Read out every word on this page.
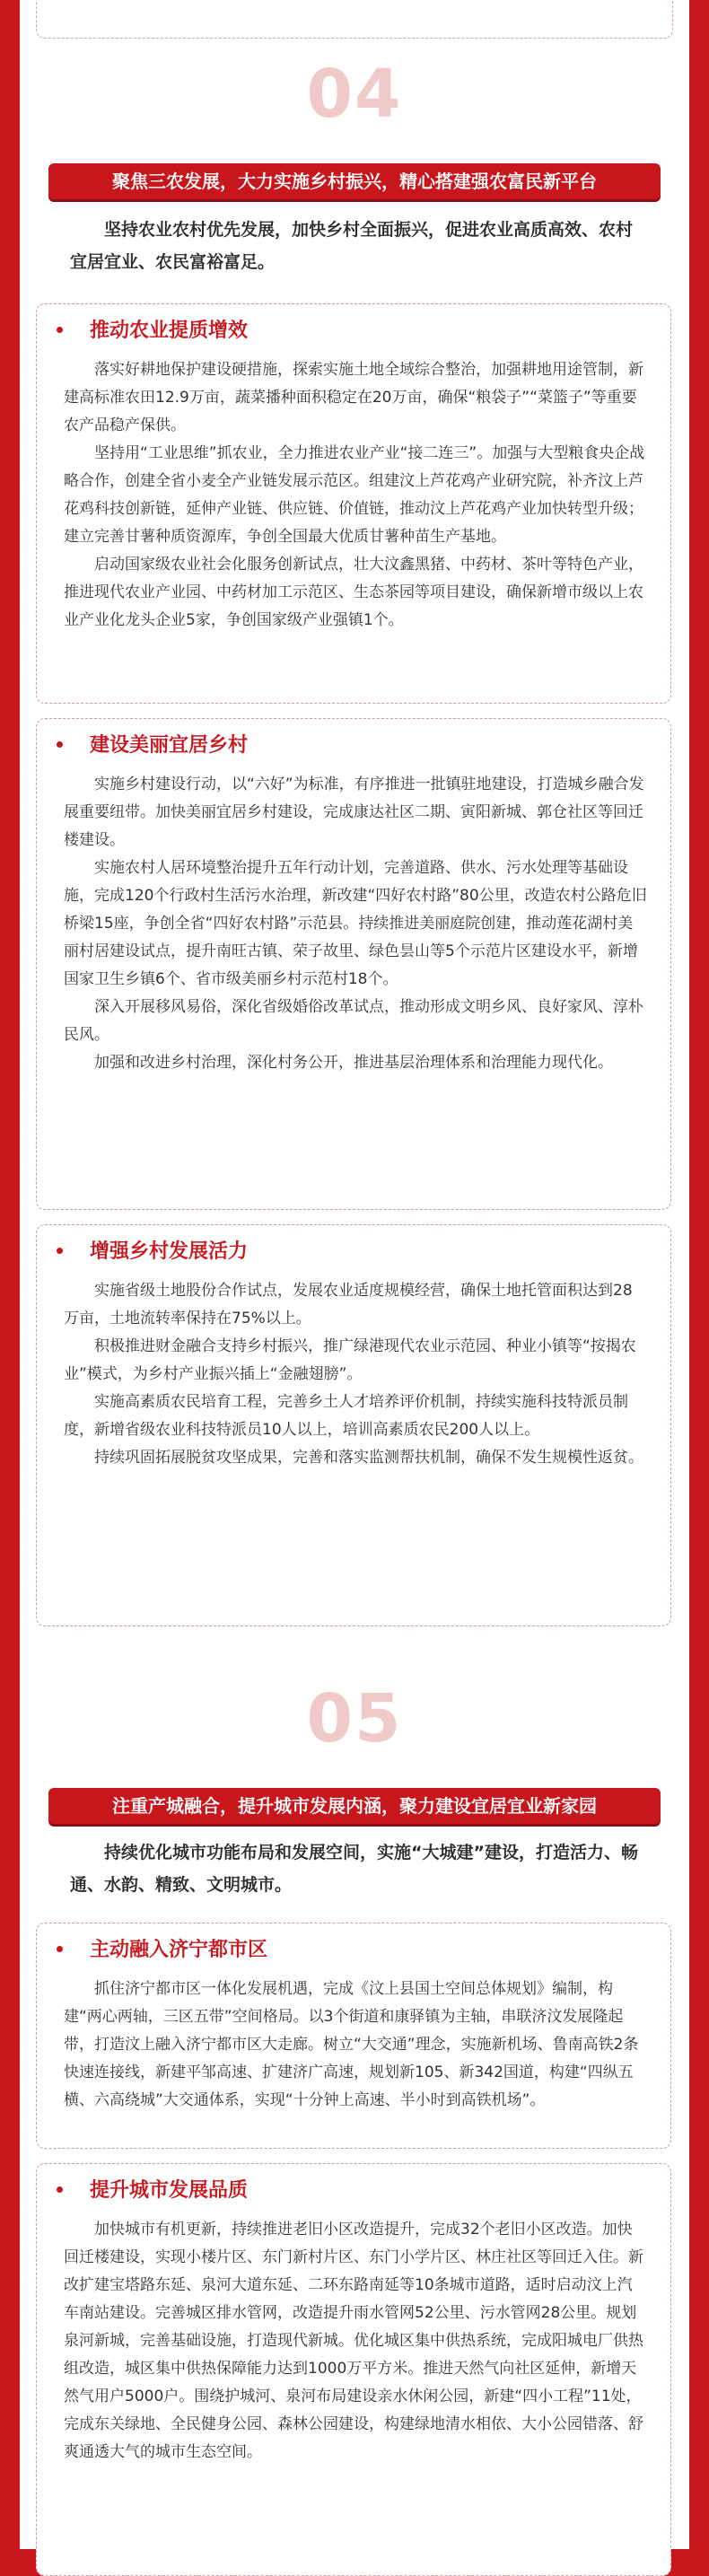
04
聚焦三农发展，大力实施乡村振兴，精心搭建强农富民新平台
坚持农业农村优先发展，加快乡村全面振兴，促进农业高质高效、农村宜居宜业、农民富裕富足。
推动农业提质增效

落实好耕地保护建设硬措施，探索实施土地全域综合整治，加强耕地用途管制，新建高标准农田12.9万亩，蔬菜播种面积稳定在20万亩，确保“粮袋子”“菜篮子”等重要农产品稳产保供。

坚持用“工业思维”抓农业，全力推进农业产业“接二连三”。加强与大型粮食央企战略合作，创建全省小麦全产业链发展示范区。组建汶上芦花鸡产业研究院，补齐汶上芦花鸡科技创新链，延伸产业链、供应链、价值链，推动汶上芦花鸡产业加快转型升级；建立完善甘薯种质资源库，争创全国最大优质甘薯种苗生产基地。

启动国家级农业社会化服务创新试点，壮大汶鑫黑猪、中药材、茶叶等特色产业，推进现代农业产业园、中药材加工示范区、生态茶园等项目建设，确保新增市级以上农业产业化龙头企业5家，争创国家级产业强镇1个。

建设美丽宜居乡村

实施乡村建设行动，以“六好”为标准，有序推进一批镇驻地建设，打造城乡融合发展重要纽带。加快美丽宜居乡村建设，完成康达社区二期、寅阳新城、郭仓社区等回迁楼建设。

实施农村人居环境整治提升五年行动计划，完善道路、供水、污水处理等基础设施，完成120个行政村生活污水治理，新改建“四好农村路”80公里，改造农村公路危旧桥梁15座，争创全省“四好农村路”示范县。持续推进美丽庭院创建，推动莲花湖村美丽村居建设试点，提升南旺古镇、荣子故里、绿色昙山等5个示范片区建设水平，新增国家卫生乡镇6个、省市级美丽乡村示范村18个。

深入开展移风易俗，深化省级婚俗改革试点，推动形成文明乡风、良好家风、淳朴民风。

加强和改进乡村治理，深化村务公开，推进基层治理体系和治理能力现代化。

增强乡村发展活力

实施省级土地股份合作试点，发展农业适度规模经营，确保土地托管面积达到28万亩，土地流转率保持在75%以上。

积极推进财金融合支持乡村振兴，推广绿港现代农业示范园、种业小镇等“按揭农业”模式，为乡村产业振兴插上“金融翅膀”。

实施高素质农民培育工程，完善乡土人才培养评价机制，持续实施科技特派员制度，新增省级农业科技特派员10人以上，培训高素质农民200人以上。

持续巩固拓展脱贫攻坚成果，完善和落实监测帮扶机制，确保不发生规模性返贫。

05
注重产城融合，提升城市发展内涵，聚力建设宜居宜业新家园
持续优化城市功能布局和发展空间，实施“大城建”建设，打造活力、畅通、水韵、精致、文明城市。
主动融入济宁都市区

抓住济宁都市区一体化发展机遇，完成《汶上县国土空间总体规划》编制，构建“两心两轴，三区五带”空间格局。以3个街道和康驿镇为主轴，串联济汶发展隆起带，打造汶上融入济宁都市区大走廊。树立“大交通”理念，实施新机场、鲁南高铁2条快速连接线，新建平邹高速、扩建济广高速，规划新105、新342国道，构建“四纵五横、六高绕城”大交通体系，实现“十分钟上高速、半小时到高铁机场”。

提升城市发展品质

加快城市有机更新，持续推进老旧小区改造提升，完成32个老旧小区改造。加快回迁楼建设，实现小楼片区、东门新村片区、东门小学片区、林庄社区等回迁入住。新改扩建宝塔路东延、泉河大道东延、二环东路南延等10条城市道路，适时启动汶上汽车南站建设。完善城区排水管网，改造提升雨水管网52公里、污水管网28公里。规划泉河新城，完善基础设施，打造现代新城。优化城区集中供热系统，完成阳城电厂供热组改造，城区集中供热保障能力达到1000万平方米。推进天然气向社区延伸，新增天然气用户5000户。围绕护城河、泉河布局建设亲水休闲公园，新建“四小工程”11处，完成东关绿地、全民健身公园、森林公园建设，构建绿地清水相依、大小公园错落、舒爽通透大气的城市生态空间。
